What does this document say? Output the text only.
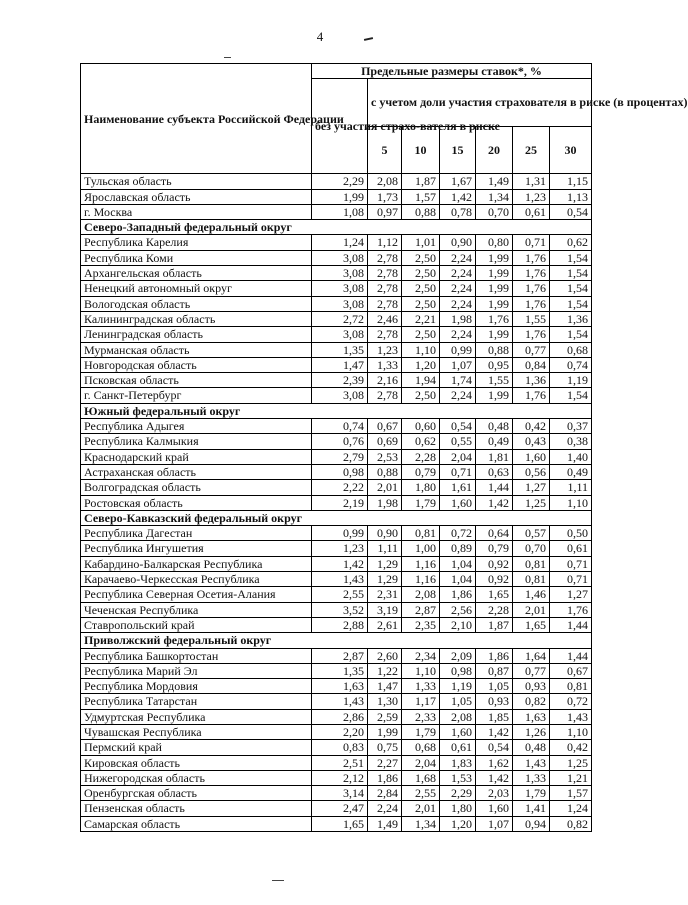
4
Наименование субъекта Российской Федерации	Предельные размеры ставок*, %						
	без участия страхо-вателя в риске	с учетом доли участия страхователя в риске (в процентах)					
		5	10	15	20	25	30
Тульская область	2,29	2,08	1,87	1,67	1,49	1,31	1,15
Ярославская область	1,99	1,73	1,57	1,42	1,34	1,23	1,13
г. Москва	1,08	0,97	0,88	0,78	0,70	0,61	0,54
Северо-Западный федеральный округ							
Республика Карелия	1,24	1,12	1,01	0,90	0,80	0,71	0,62
Республика Коми	3,08	2,78	2,50	2,24	1,99	1,76	1,54
Архангельская область	3,08	2,78	2,50	2,24	1,99	1,76	1,54
Ненецкий автономный округ	3,08	2,78	2,50	2,24	1,99	1,76	1,54
Вологодская область	3,08	2,78	2,50	2,24	1,99	1,76	1,54
Калининградская область	2,72	2,46	2,21	1,98	1,76	1,55	1,36
Ленинградская область	3,08	2,78	2,50	2,24	1,99	1,76	1,54
Мурманская область	1,35	1,23	1,10	0,99	0,88	0,77	0,68
Новгородская область	1,47	1,33	1,20	1,07	0,95	0,84	0,74
Псковская область	2,39	2,16	1,94	1,74	1,55	1,36	1,19
г. Санкт-Петербург	3,08	2,78	2,50	2,24	1,99	1,76	1,54
Южный федеральный округ							
Республика Адыгея	0,74	0,67	0,60	0,54	0,48	0,42	0,37
Республика Калмыкия	0,76	0,69	0,62	0,55	0,49	0,43	0,38
Краснодарский край	2,79	2,53	2,28	2,04	1,81	1,60	1,40
Астраханская область	0,98	0,88	0,79	0,71	0,63	0,56	0,49
Волгоградская область	2,22	2,01	1,80	1,61	1,44	1,27	1,11
Ростовская область	2,19	1,98	1,79	1,60	1,42	1,25	1,10
Северо-Кавказский федеральный округ							
Республика Дагестан	0,99	0,90	0,81	0,72	0,64	0,57	0,50
Республика Ингушетия	1,23	1,11	1,00	0,89	0,79	0,70	0,61
Кабардино-Балкарская Республика	1,42	1,29	1,16	1,04	0,92	0,81	0,71
Карачаево-Черкесская Республика	1,43	1,29	1,16	1,04	0,92	0,81	0,71
Республика Северная Осетия-Алания	2,55	2,31	2,08	1,86	1,65	1,46	1,27
Чеченская Республика	3,52	3,19	2,87	2,56	2,28	2,01	1,76
Ставропольский край	2,88	2,61	2,35	2,10	1,87	1,65	1,44
Приволжский федеральный округ							
Республика Башкортостан	2,87	2,60	2,34	2,09	1,86	1,64	1,44
Республика Марий Эл	1,35	1,22	1,10	0,98	0,87	0,77	0,67
Республика Мордовия	1,63	1,47	1,33	1,19	1,05	0,93	0,81
Республика Татарстан	1,43	1,30	1,17	1,05	0,93	0,82	0,72
Удмуртская Республика	2,86	2,59	2,33	2,08	1,85	1,63	1,43
Чувашская Республика	2,20	1,99	1,79	1,60	1,42	1,26	1,10
Пермский край	0,83	0,75	0,68	0,61	0,54	0,48	0,42
Кировская область	2,51	2,27	2,04	1,83	1,62	1,43	1,25
Нижегородская область	2,12	1,86	1,68	1,53	1,42	1,33	1,21
Оренбургская область	3,14	2,84	2,55	2,29	2,03	1,79	1,57
Пензенская область	2,47	2,24	2,01	1,80	1,60	1,41	1,24
Самарская область	1,65	1,49	1,34	1,20	1,07	0,94	0,82
